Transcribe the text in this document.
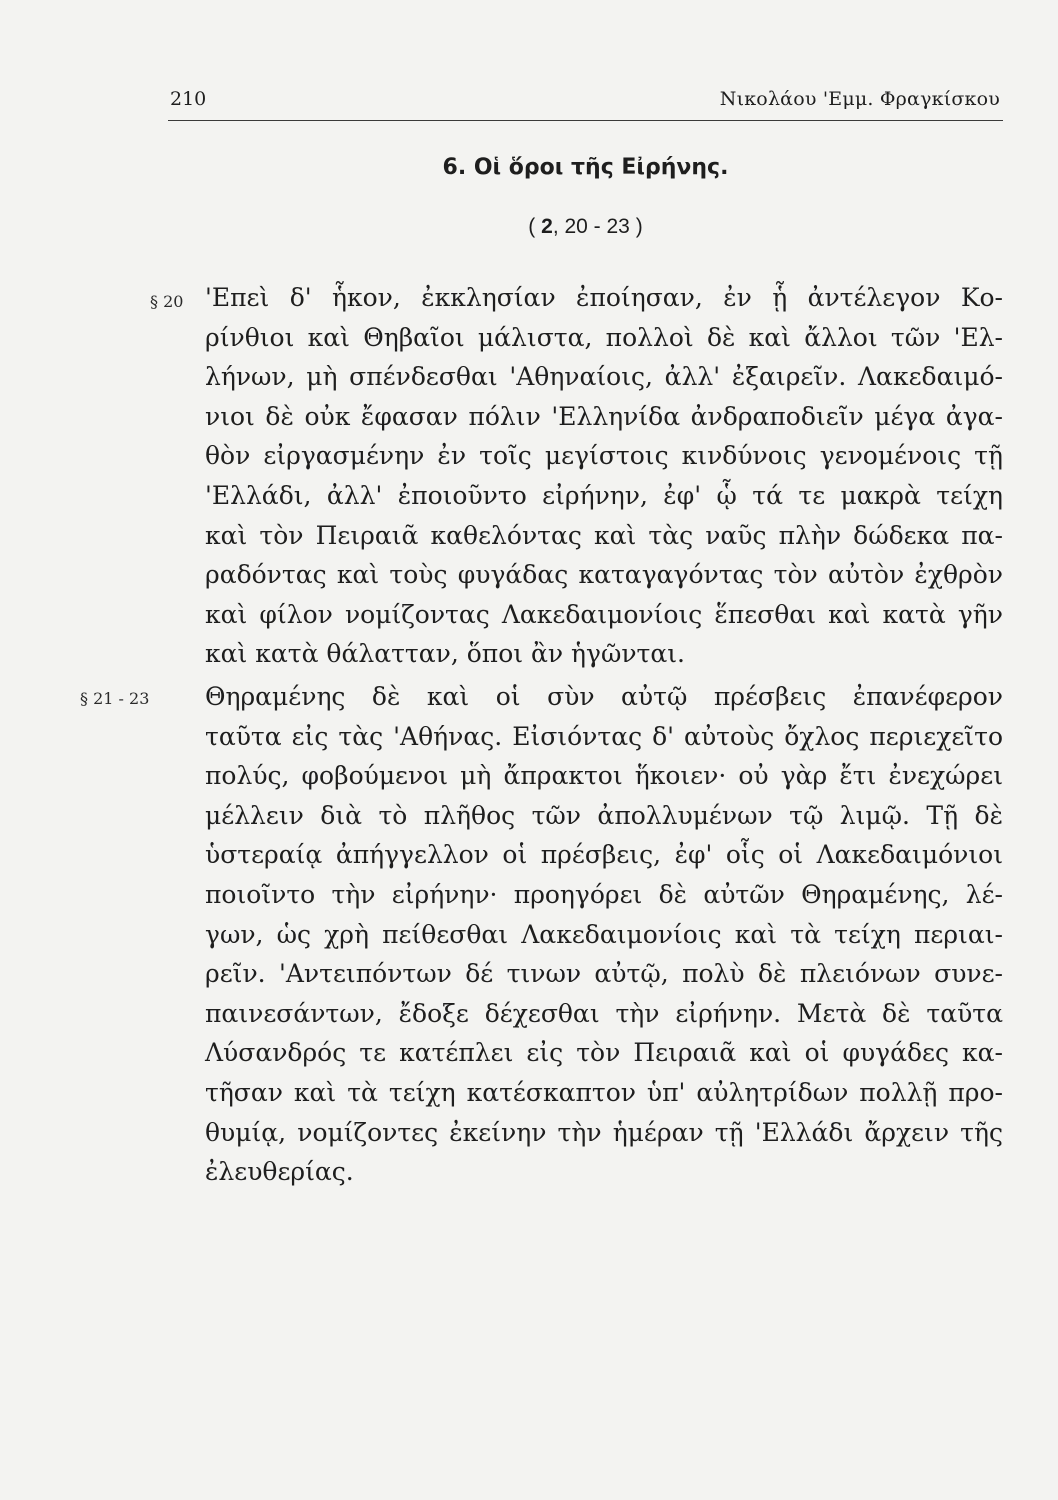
210	Νικολάου 'Εμμ. Φραγκίσκου
6. Οἱ ὅροι τῆς Εἰρήνης.
( 2, 20 - 23 )
§ 20 'Επεὶ δ' ἧκον, ἐκκλησίαν ἐποίησαν, ἐν ᾗ ἀντέλεγον Κο-
ρίνθιοι καὶ Θηβαῖοι μάλιστα, πολλοὶ δὲ καὶ ἄλλοι τῶν 'Ελ-
λήνων, μὴ σπένδεσθαι 'Αθηναίοις, ἀλλ' ἐξαιρεῖν. Λακεδαιμό-
νιοι δὲ οὐκ ἔφασαν πόλιν 'Ελληνίδα ἀνδραποδιεῖν μέγα ἀγα-
θὸν εἰργασμένην ἐν τοῖς μεγίστοις κινδύνοις γενομένοις τῇ
'Ελλάδι, ἀλλ' ἐποιοῦντο εἰρήνην, ἐφ' ᾧ τά τε μακρὰ τείχη
καὶ τὸν Πειραιᾶ καθελόντας καὶ τὰς ναῦς πλὴν δώδεκα πα-
ραδόντας καὶ τοὺς φυγάδας καταγαγόντας τὸν αὐτὸν ἐχθρὸν
καὶ φίλον νομίζοντας Λακεδαιμονίοις ἕπεσθαι καὶ κατὰ γῆν
καὶ κατὰ θάλατταν, ὅποι ἂν ἡγῶνται.
§ 21 - 23 Θηραμένης δὲ καὶ οἱ σὺν αὐτῷ πρέσβεις ἐπανέφερον
ταῦτα εἰς τὰς 'Αθήνας. Εἰσιόντας δ' αὐτοὺς ὄχλος περιεχεῖτο
πολύς, φοβούμενοι μὴ ἄπρακτοι ἥκοιεν· οὐ γὰρ ἔτι ἐνεχώρει
μέλλειν διὰ τὸ πλῆθος τῶν ἀπολλυμένων τῷ λιμῷ. Τῇ δὲ
ὑστεραίᾳ ἀπήγγελλον οἱ πρέσβεις, ἐφ' οἷς οἱ Λακεδαιμόνιοι
ποιοῖντο τὴν εἰρήνην· προηγόρει δὲ αὐτῶν Θηραμένης, λέ-
γων, ὡς χρὴ πείθεσθαι Λακεδαιμονίοις καὶ τὰ τείχη περιαι-
ρεῖν. 'Αντειπόντων δέ τινων αὐτῷ, πολὺ δὲ πλειόνων συνε-
παινεσάντων, ἔδοξε δέχεσθαι τὴν εἰρήνην. Μετὰ δὲ ταῦτα
Λύσανδρός τε κατέπλει εἰς τὸν Πειραιᾶ καὶ οἱ φυγάδες κα-
τῆσαν καὶ τὰ τείχη κατέσκαπτον ὑπ' αὐλητρίδων πολλῇ προ-
θυμίᾳ, νομίζοντες ἐκείνην τὴν ἡμέραν τῇ 'Ελλάδι ἄρχειν τῆς
ἐλευθερίας.
